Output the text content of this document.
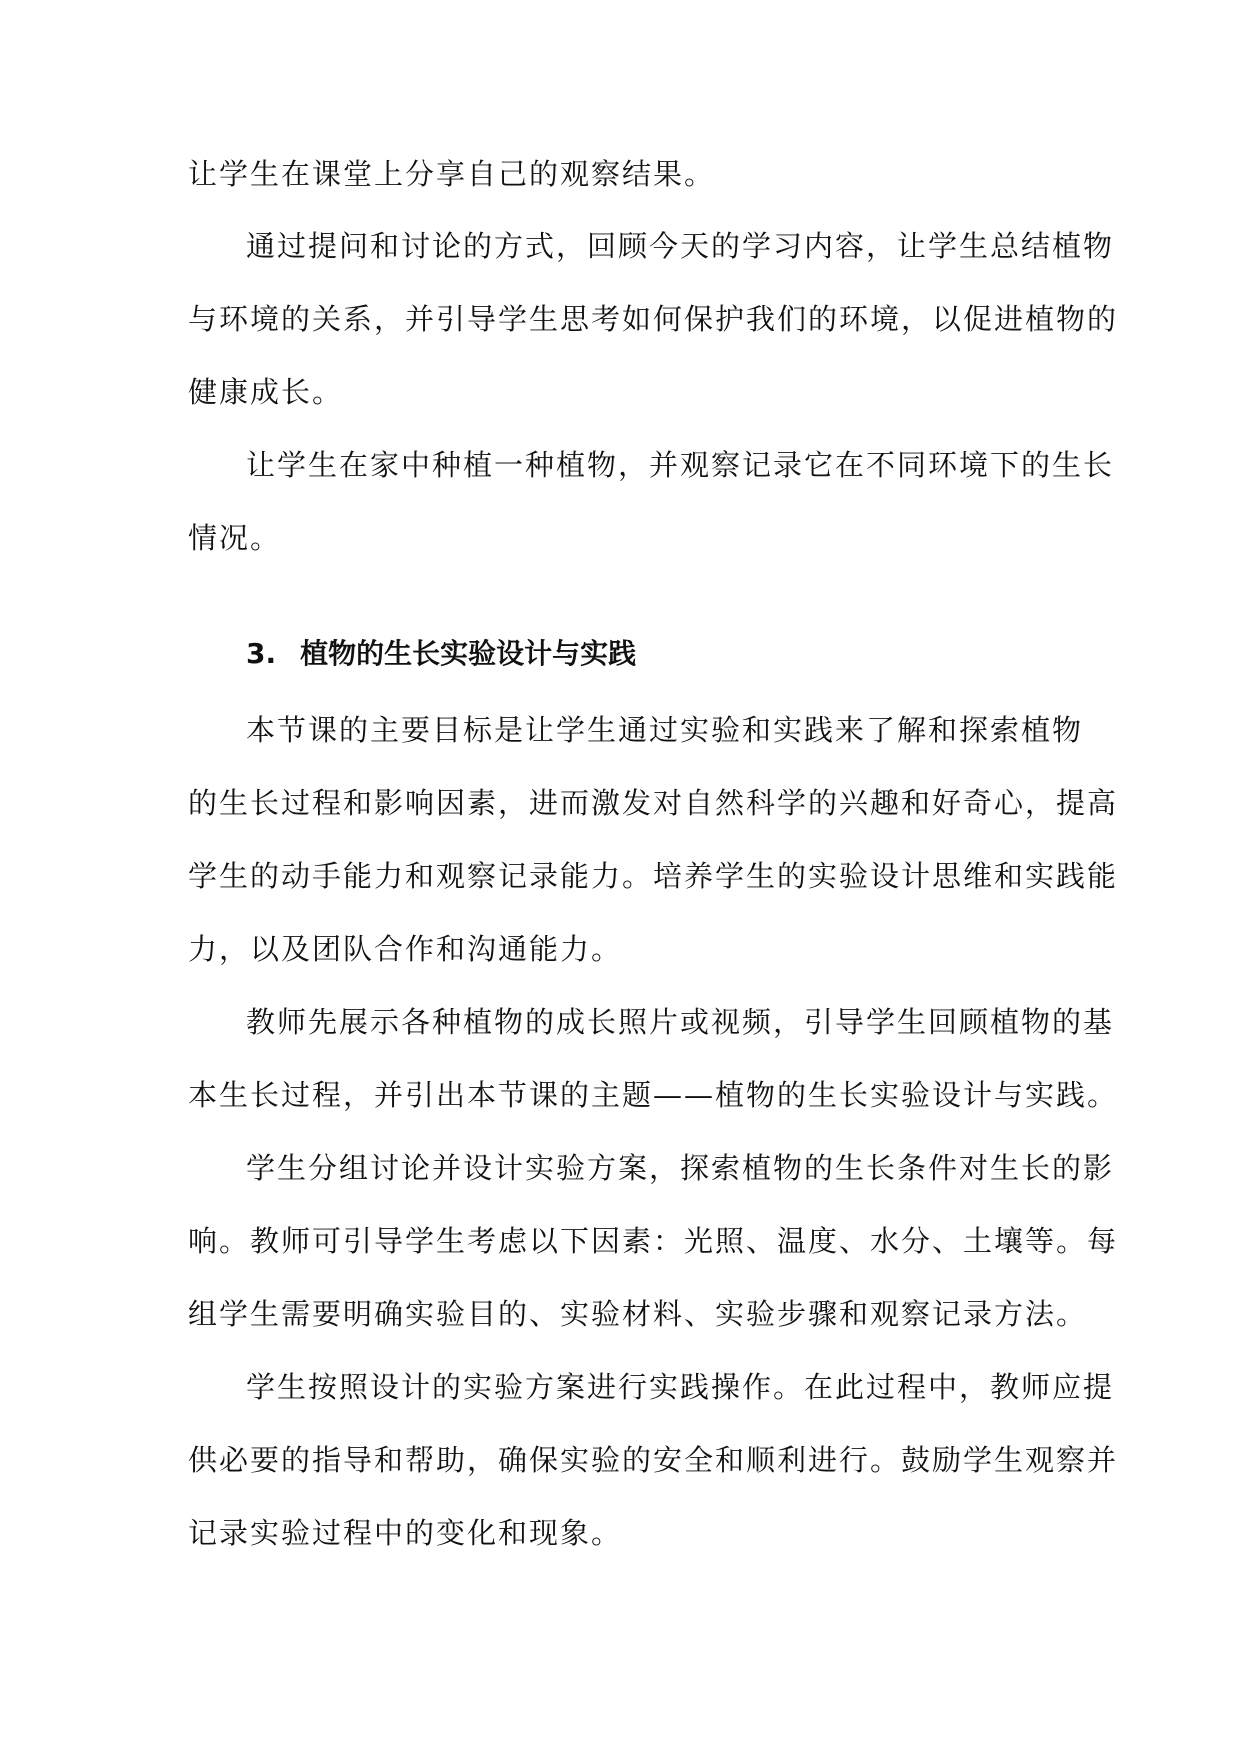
让学生在课堂上分享自己的观察结果。
通过提问和讨论的方式，回顾今天的学习内容，让学生总结植物
与环境的关系，并引导学生思考如何保护我们的环境，以促进植物的
健康成长。
让学生在家中种植一种植物，并观察记录它在不同环境下的生长
情况。
3. 植物的生长实验设计与实践
本节课的主要目标是让学生通过实验和实践来了解和探索植物
的生长过程和影响因素，进而激发对自然科学的兴趣和好奇心，提高
学生的动手能力和观察记录能力。培养学生的实验设计思维和实践能
力，以及团队合作和沟通能力。
教师先展示各种植物的成长照片或视频，引导学生回顾植物的基
本生长过程，并引出本节课的主题——植物的生长实验设计与实践。
学生分组讨论并设计实验方案，探索植物的生长条件对生长的影
响。教师可引导学生考虑以下因素：光照、温度、水分、土壤等。每
组学生需要明确实验目的、实验材料、实验步骤和观察记录方法。
学生按照设计的实验方案进行实践操作。在此过程中，教师应提
供必要的指导和帮助，确保实验的安全和顺利进行。鼓励学生观察并
记录实验过程中的变化和现象。
